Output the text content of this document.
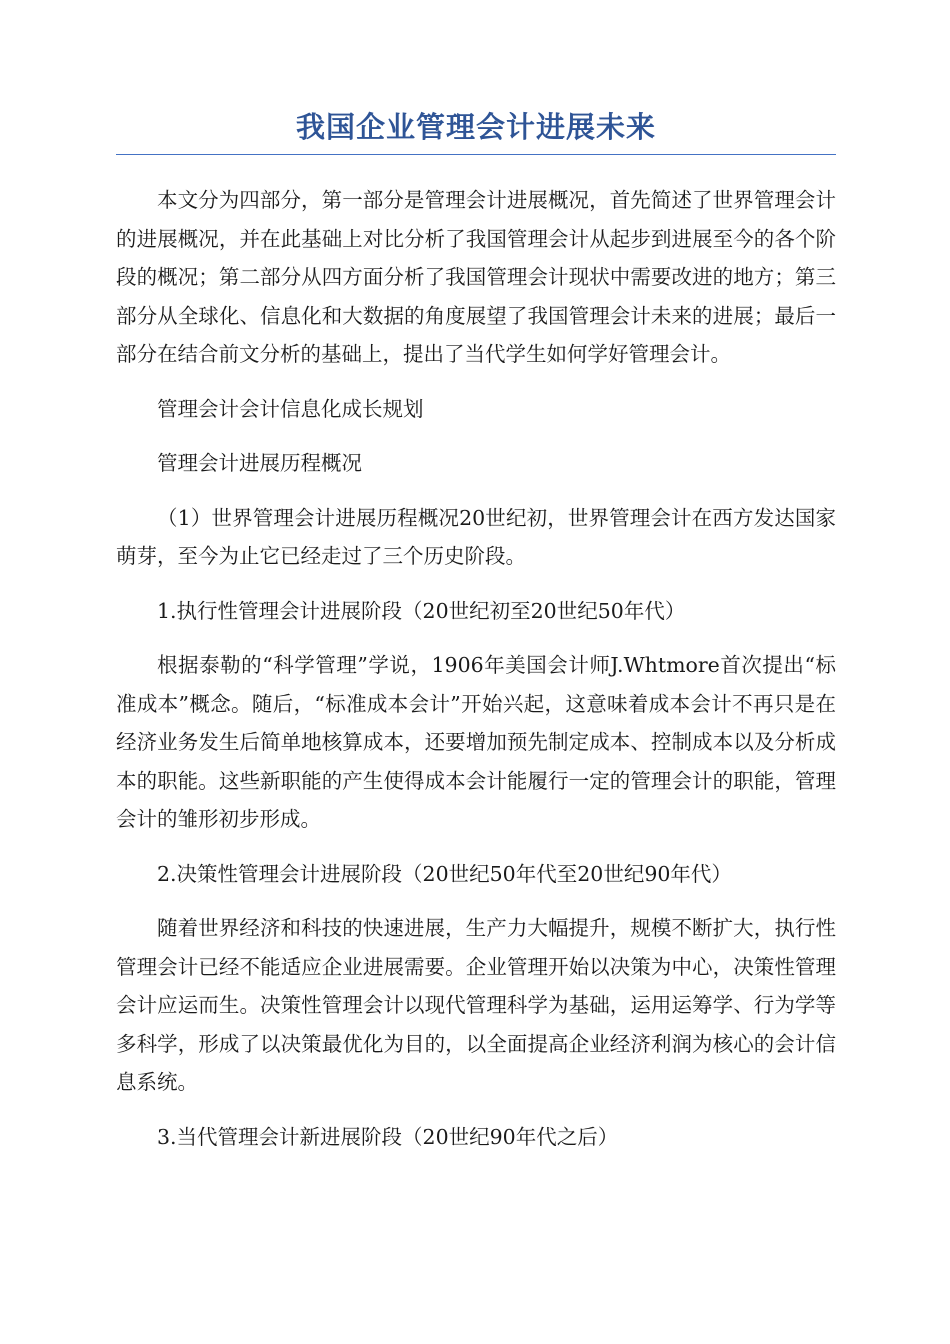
我国企业管理会计进展未来

本文分为四部分，第一部分是管理会计进展概况，首先简述了世界管理会计的进展概况，并在此基础上对比分析了我国管理会计从起步到进展至今的各个阶段的概况；第二部分从四方面分析了我国管理会计现状中需要改进的地方；第三部分从全球化、信息化和大数据的角度展望了我国管理会计未来的进展；最后一部分在结合前文分析的基础上，提出了当代学生如何学好管理会计。

管理会计会计信息化成长规划

管理会计进展历程概况

（1）世界管理会计进展历程概况20世纪初，世界管理会计在西方发达国家萌芽，至今为止它已经走过了三个历史阶段。

1.执行性管理会计进展阶段（20世纪初至20世纪50年代）

根据泰勒的“科学管理”学说，1906年美国会计师J.Whtmore首次提出“标准成本”概念。随后，“标准成本会计”开始兴起，这意味着成本会计不再只是在经济业务发生后简单地核算成本，还要增加预先制定成本、控制成本以及分析成本的职能。这些新职能的产生使得成本会计能履行一定的管理会计的职能，管理会计的雏形初步形成。

2.决策性管理会计进展阶段（20世纪50年代至20世纪90年代）

随着世界经济和科技的快速进展，生产力大幅提升，规模不断扩大，执行性管理会计已经不能适应企业进展需要。企业管理开始以决策为中心，决策性管理会计应运而生。决策性管理会计以现代管理科学为基础，运用运筹学、行为学等多科学，形成了以决策最优化为目的，以全面提高企业经济利润为核心的会计信息系统。

3.当代管理会计新进展阶段（20世纪90年代之后）
